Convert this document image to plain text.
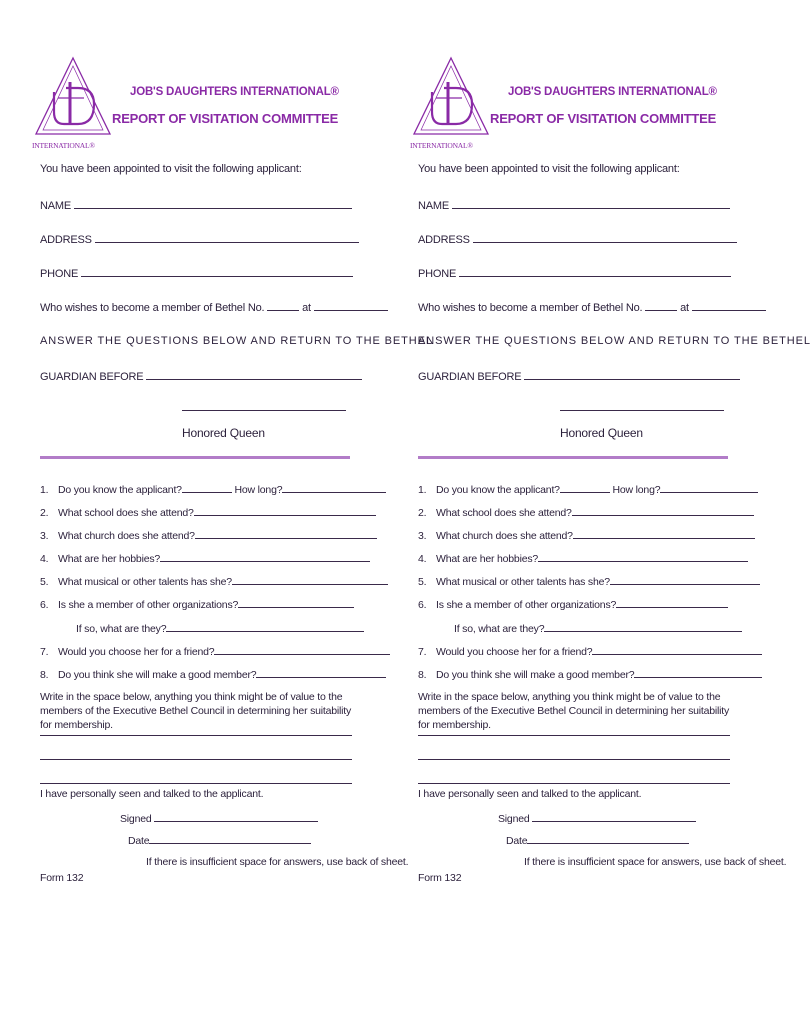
INTERNATIONAL®
JOB'S DAUGHTERS INTERNATIONAL®
REPORT OF VISITATION COMMITTEE
You have been appointed to visit the following applicant:
NAME
ADDRESS
PHONE
Who wishes to become a member of Bethel No.	at
ANSWER THE QUESTIONS BELOW AND RETURN TO THE BETHEL
GUARDIAN BEFORE
Honored Queen
1. Do you know the applicant?	How long?
2. What school does she attend?
3. What church does she attend?
4. What are her hobbies?
5. What musical or other talents has she?
6. Is she a member of other organizations?
If so, what are they?
7. Would you choose her for a friend?
8. Do you think she will make a good member?
Write in the space below, anything you think might be of value to the members of the Executive Bethel Council in determining her suitability for membership.
I have personally seen and talked to the applicant.
Signed
Date
If there is insufficient space for answers, use back of sheet.
Form 132
INTERNATIONAL®
JOB'S DAUGHTERS INTERNATIONAL®
REPORT OF VISITATION COMMITTEE
You have been appointed to visit the following applicant:
NAME
ADDRESS
PHONE
Who wishes to become a member of Bethel No.	at
ANSWER THE QUESTIONS BELOW AND RETURN TO THE BETHEL
GUARDIAN BEFORE
Honored Queen
1. Do you know the applicant?	How long?
2. What school does she attend?
3. What church does she attend?
4. What are her hobbies?
5. What musical or other talents has she?
6. Is she a member of other organizations?
If so, what are they?
7. Would you choose her for a friend?
8. Do you think she will make a good member?
Write in the space below, anything you think might be of value to the members of the Executive Bethel Council in determining her suitability for membership.
I have personally seen and talked to the applicant.
Signed
Date
If there is insufficient space for answers, use back of sheet.
Form 132
